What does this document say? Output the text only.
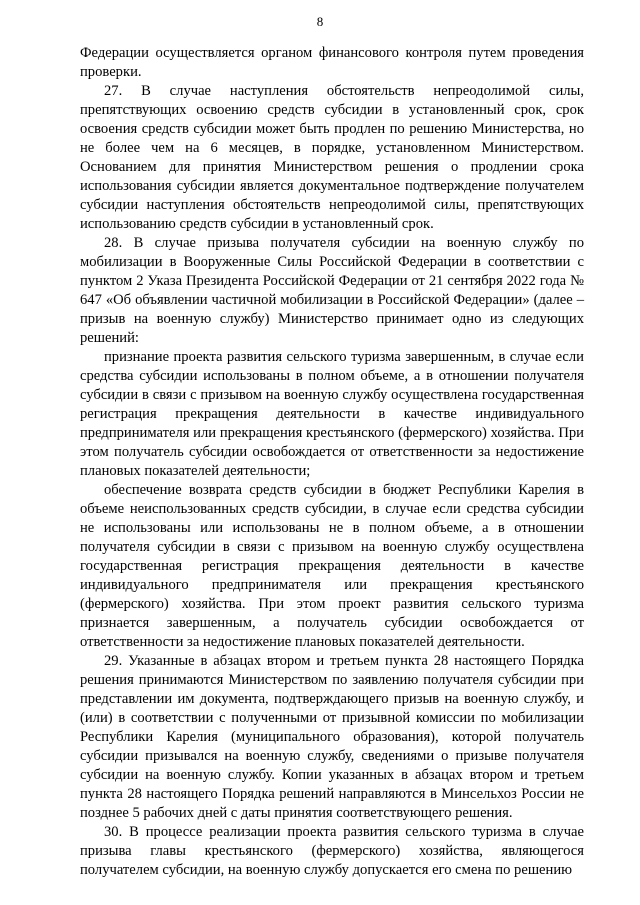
8

Федерации осуществляется органом финансового контроля путем проведения проверки.

27. В случае наступления обстоятельств непреодолимой силы, препятствующих освоению средств субсидии в установленный срок, срок освоения средств субсидии может быть продлен по решению Министерства, но не более чем на 6 месяцев, в порядке, установленном Министерством. Основанием для принятия Министерством решения о продлении срока использования субсидии является документальное подтверждение получателем субсидии наступления обстоятельств непреодолимой силы, препятствующих использованию средств субсидии в установленный срок.

28. В случае призыва получателя субсидии на военную службу по мобилизации в Вооруженные Силы Российской Федерации в соответствии с пунктом 2 Указа Президента Российской Федерации от 21 сентября 2022 года № 647 «Об объявлении частичной мобилизации в Российской Федерации» (далее – призыв на военную службу) Министерство принимает одно из следующих решений:

признание проекта развития сельского туризма завершенным, в случае если средства субсидии использованы в полном объеме, а в отношении получателя субсидии в связи с призывом на военную службу осуществлена государственная регистрация прекращения деятельности в качестве индивидуального предпринимателя или прекращения крестьянского (фермерского) хозяйства. При этом получатель субсидии освобождается от ответственности за недостижение плановых показателей деятельности;

обеспечение возврата средств субсидии в бюджет Республики Карелия в объеме неиспользованных средств субсидии, в случае если средства субсидии не использованы или использованы не в полном объеме, а в отношении получателя субсидии в связи с призывом на военную службу осуществлена государственная регистрация прекращения деятельности в качестве индивидуального предпринимателя или прекращения крестьянского (фермерского) хозяйства. При этом проект развития сельского туризма признается завершенным, а получатель субсидии освобождается от ответственности за недостижение плановых показателей деятельности.

29. Указанные в абзацах втором и третьем пункта 28 настоящего Порядка решения принимаются Министерством по заявлению получателя субсидии при представлении им документа, подтверждающего призыв на военную службу, и (или) в соответствии с полученными от призывной комиссии по мобилизации Республики Карелия (муниципального образования), которой получатель субсидии призывался на военную службу, сведениями о призыве получателя субсидии на военную службу. Копии указанных в абзацах втором и третьем пункта 28 настоящего Порядка решений направляются в Минсельхоз России не позднее 5 рабочих дней с даты принятия соответствующего решения.

30. В процессе реализации проекта развития сельского туризма в случае призыва главы крестьянского (фермерского) хозяйства, являющегося получателем субсидии, на военную службу допускается его смена по решению
